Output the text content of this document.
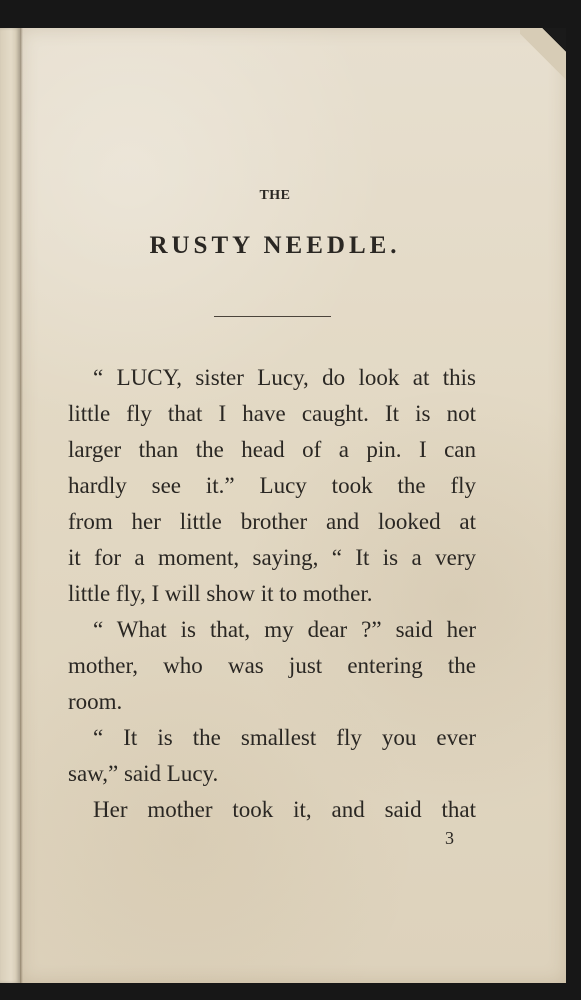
THE
RUSTY NEEDLE.
“ LUCY, sister Lucy, do look at this
little fly that I have caught. It is not
larger than the head of a pin. I can
hardly see it.” Lucy took the fly
from her little brother and looked at
it for a moment, saying, “ It is a very
little fly, I will show it to mother.
“ What is that, my dear ?” said her
mother, who was just entering the
room.
“ It is the smallest fly you ever
saw,” said Lucy.
Her mother took it, and said that
3
